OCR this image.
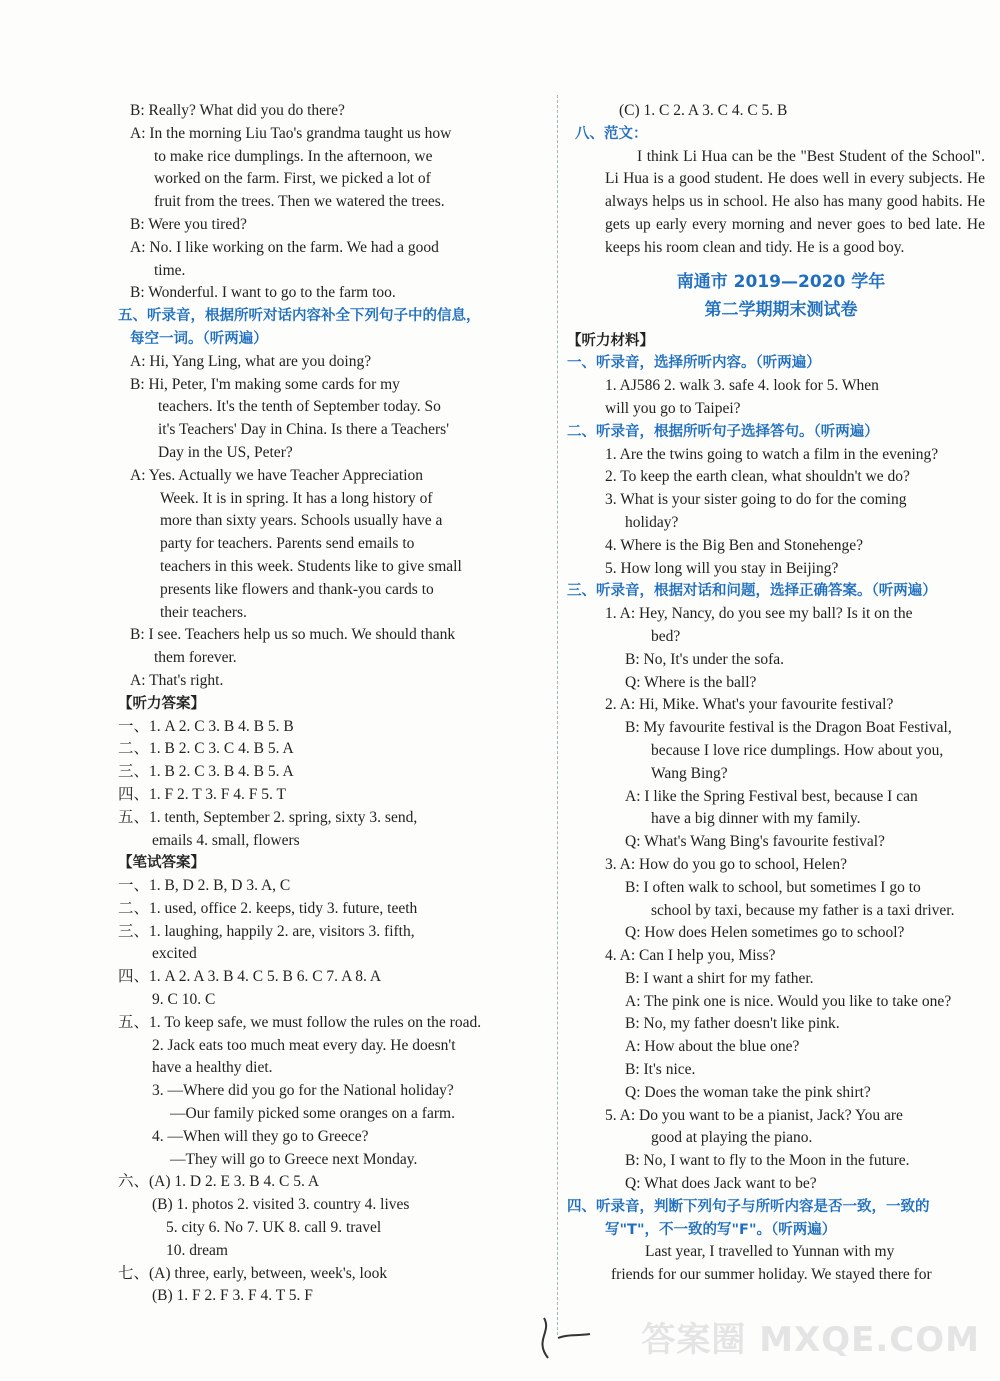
B: Really? What did you do there?
A: In the morning Liu Tao's grandma taught us how
to make rice dumplings. In the afternoon, we
worked on the farm. First, we picked a lot of
fruit from the trees. Then we watered the trees.
B: Were you tired?
A: No. I like working on the farm. We had a good
time.
B: Wonderful. I want to go to the farm too.
五、听录音，根据所听对话内容补全下列句子中的信息，
每空一词。（听两遍）
A: Hi, Yang Ling, what are you doing?
B: Hi, Peter, I'm making some cards for my
teachers. It's the tenth of September today. So
it's Teachers' Day in China. Is there a Teachers'
Day in the US, Peter?
A: Yes. Actually we have Teacher Appreciation
Week. It is in spring. It has a long history of
more than sixty years. Schools usually have a
party for teachers. Parents send emails to
teachers in this week. Students like to give small
presents like flowers and thank-you cards to
their teachers.
B: I see. Teachers help us so much. We should thank
them forever.
A: That's right.
【听力答案】
一、1. A 2. C 3. B 4. B 5. B
二、1. B 2. C 3. C 4. B 5. A
三、1. B 2. C 3. B 4. B 5. A
四、1. F 2. T 3. F 4. F 5. T
五、1. tenth, September 2. spring, sixty 3. send,
emails 4. small, flowers
【笔试答案】
一、1. B, D 2. B, D 3. A, C
二、1. used, office 2. keeps, tidy 3. future, teeth
三、1. laughing, happily 2. are, visitors 3. fifth,
excited
四、1. A 2. A 3. B 4. C 5. B 6. C 7. A 8. A
9. C 10. C
五、1. To keep safe, we must follow the rules on the road.
2. Jack eats too much meat every day. He doesn't
have a healthy diet.
3. —Where did you go for the National holiday?
—Our family picked some oranges on a farm.
4. —When will they go to Greece?
—They will go to Greece next Monday.
六、(A) 1. D 2. E 3. B 4. C 5. A
(B) 1. photos 2. visited 3. country 4. lives
5. city 6. No 7. UK 8. call 9. travel
10. dream
七、(A) three, early, between, week's, look
(B) 1. F 2. F 3. F 4. T 5. F
(C) 1. C 2. A 3. C 4. C 5. B
八、范文：
I think Li Hua can be the "Best Student of the School". Li Hua is a good student. He does well in every subjects. He always helps us in school. He also has many good habits. He gets up early every morning and never goes to bed late. He keeps his room clean and tidy. He is a good boy.
南通市 2019—2020 学年
第二学期期末测试卷
【听力材料】
一、听录音，选择所听内容。（听两遍）
1. AJ586 2. walk 3. safe 4. look for 5. When
will you go to Taipei?
二、听录音，根据所听句子选择答句。（听两遍）
1. Are the twins going to watch a film in the evening?
2. To keep the earth clean, what shouldn't we do?
3. What is your sister going to do for the coming
holiday?
4. Where is the Big Ben and Stonehenge?
5. How long will you stay in Beijing?
三、听录音，根据对话和问题，选择正确答案。（听两遍）
1. A: Hey, Nancy, do you see my ball? Is it on the
bed?
B: No, It's under the sofa.
Q: Where is the ball?
2. A: Hi, Mike. What's your favourite festival?
B: My favourite festival is the Dragon Boat Festival,
because I love rice dumplings. How about you,
Wang Bing?
A: I like the Spring Festival best, because I can
have a big dinner with my family.
Q: What's Wang Bing's favourite festival?
3. A: How do you go to school, Helen?
B: I often walk to school, but sometimes I go to
school by taxi, because my father is a taxi driver.
Q: How does Helen sometimes go to school?
4. A: Can I help you, Miss?
B: I want a shirt for my father.
A: The pink one is nice. Would you like to take one?
B: No, my father doesn't like pink.
A: How about the blue one?
B: It's nice.
Q: Does the woman take the pink shirt?
5. A: Do you want to be a pianist, Jack? You are
good at playing the piano.
B: No, I want to fly to the Moon in the future.
Q: What does Jack want to be?
四、听录音，判断下列句子与所听内容是否一致，一致的
写"T"，不一致的写"F"。（听两遍）
Last year, I travelled to Yunnan with my
friends for our summer holiday. We stayed there for
答案圈 MXQE.COM
